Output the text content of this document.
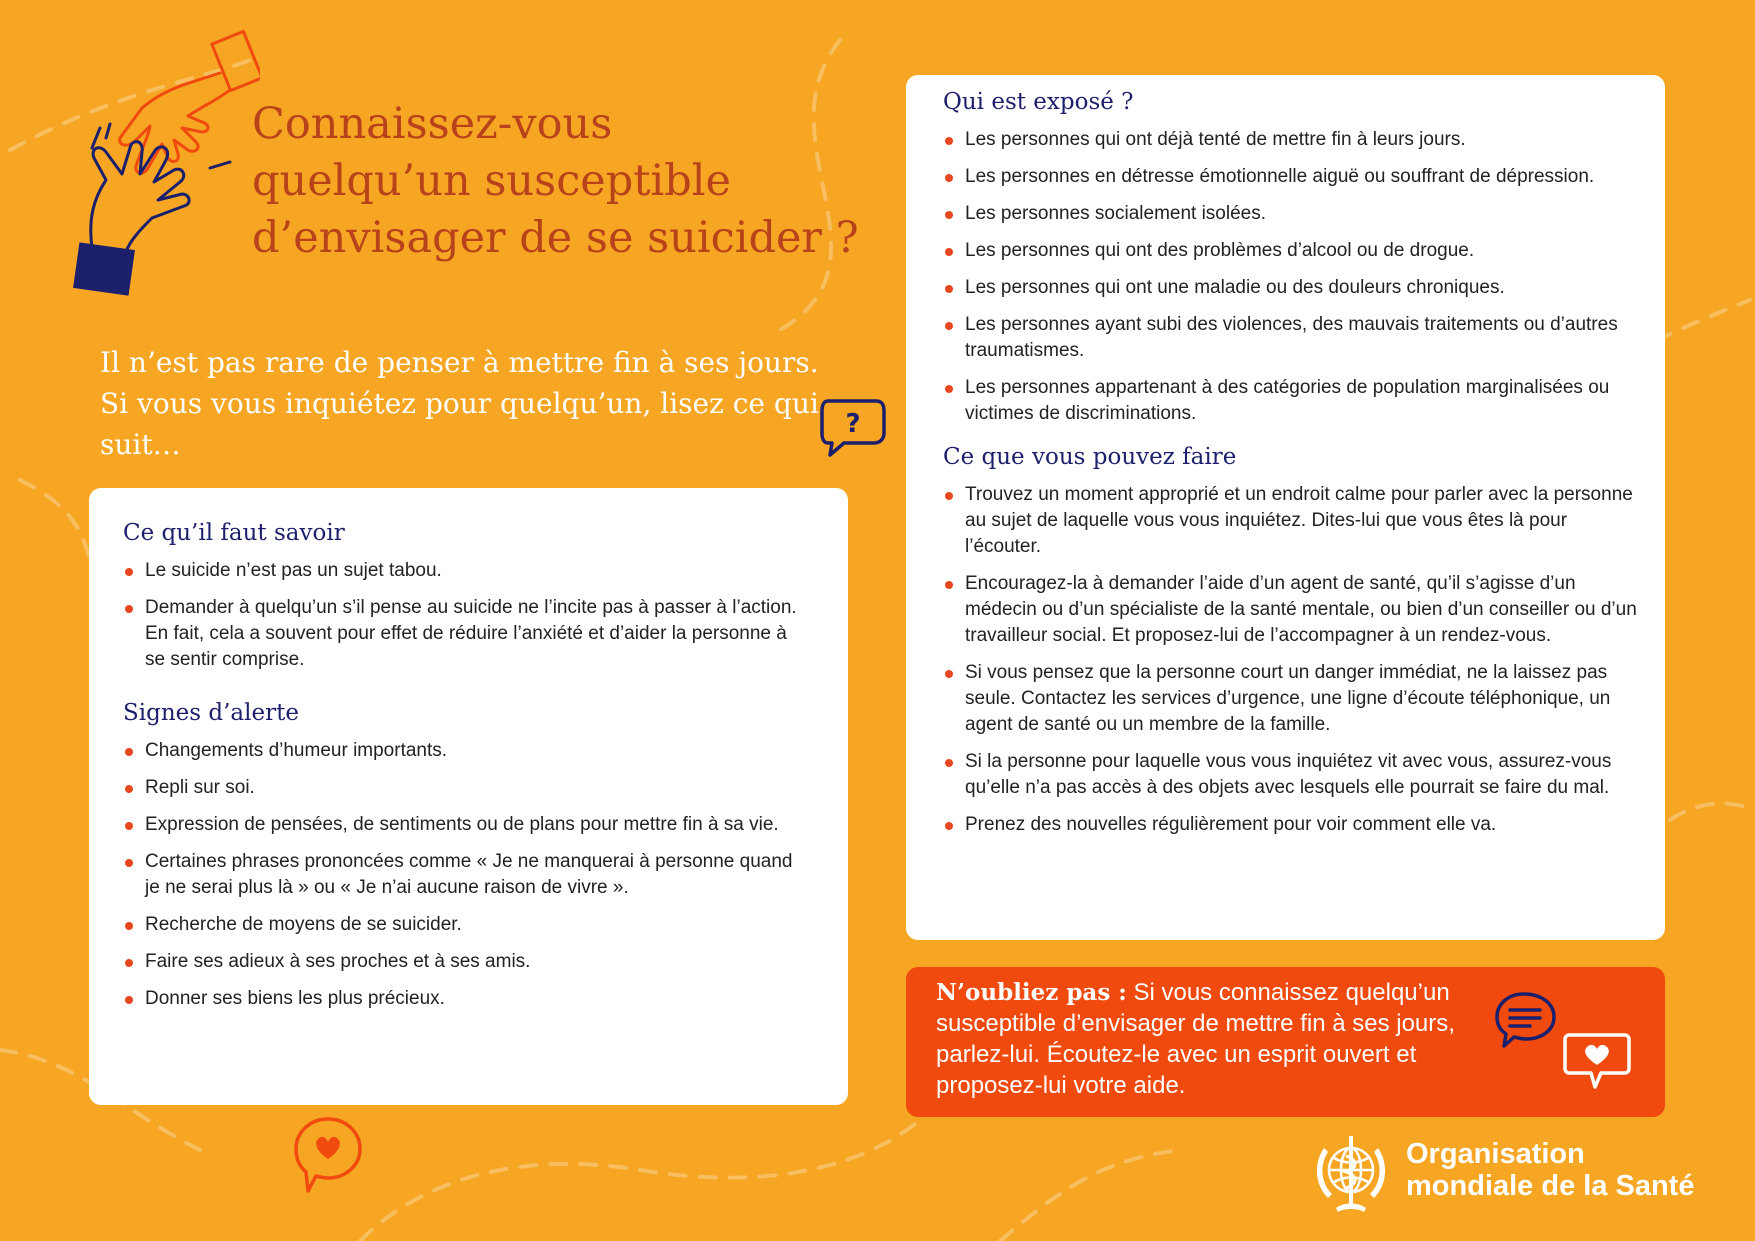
Connaissez-vous
quelqu’un susceptible
d’envisager de se suicider ?

Il n’est pas rare de penser à mettre fin à ses jours. Si vous vous inquiétez pour quelqu’un, lisez ce qui suit…

?
Ce qu’il faut savoir
Le suicide n’est pas un sujet tabou.
Demander à quelqu’un s’il pense au suicide ne l’incite pas à passer à l’action. En fait, cela a souvent pour effet de réduire l’anxiété et d’aider la personne à se sentir comprise.
Signes d’alerte
Changements d’humeur importants.
Repli sur soi.
Expression de pensées, de sentiments ou de plans pour mettre fin à sa vie.
Certaines phrases prononcées comme « Je ne manquerai à personne quand je ne serai plus là » ou « Je n’ai aucune raison de vivre ».
Recherche de moyens de se suicider.
Faire ses adieux à ses proches et à ses amis.
Donner ses biens les plus précieux.
Qui est exposé ?
Les personnes qui ont déjà tenté de mettre fin à leurs jours.
Les personnes en détresse émotionnelle aiguë ou souffrant de dépression.
Les personnes socialement isolées.
Les personnes qui ont des problèmes d’alcool ou de drogue.
Les personnes qui ont une maladie ou des douleurs chroniques.
Les personnes ayant subi des violences, des mauvais traitements ou d’autres traumatismes.
Les personnes appartenant à des catégories de population marginalisées ou victimes de discriminations.
Ce que vous pouvez faire
Trouvez un moment approprié et un endroit calme pour parler avec la personne au sujet de laquelle vous vous inquiétez. Dites-lui que vous êtes là pour l’écouter.
Encouragez-la à demander l’aide d’un agent de santé, qu’il s’agisse d’un médecin ou d’un spécialiste de la santé mentale, ou bien d’un conseiller ou d’un travailleur social. Et proposez-lui de l’accompagner à un rendez-vous.
Si vous pensez que la personne court un danger immédiat, ne la laissez pas seule. Contactez les services d’urgence, une ligne d’écoute téléphonique, un agent de santé ou un membre de la famille.
Si la personne pour laquelle vous vous inquiétez vit avec vous, assurez-vous qu’elle n’a pas accès à des objets avec lesquels elle pourrait se faire du mal.
Prenez des nouvelles régulièrement pour voir comment elle va.

N’oubliez pas : Si vous connaissez quelqu’un susceptible d’envisager de mettre fin à ses jours, parlez-lui. Écoutez-le avec un esprit ouvert et proposez-lui votre aide.

Organisation
mondiale de la Santé
